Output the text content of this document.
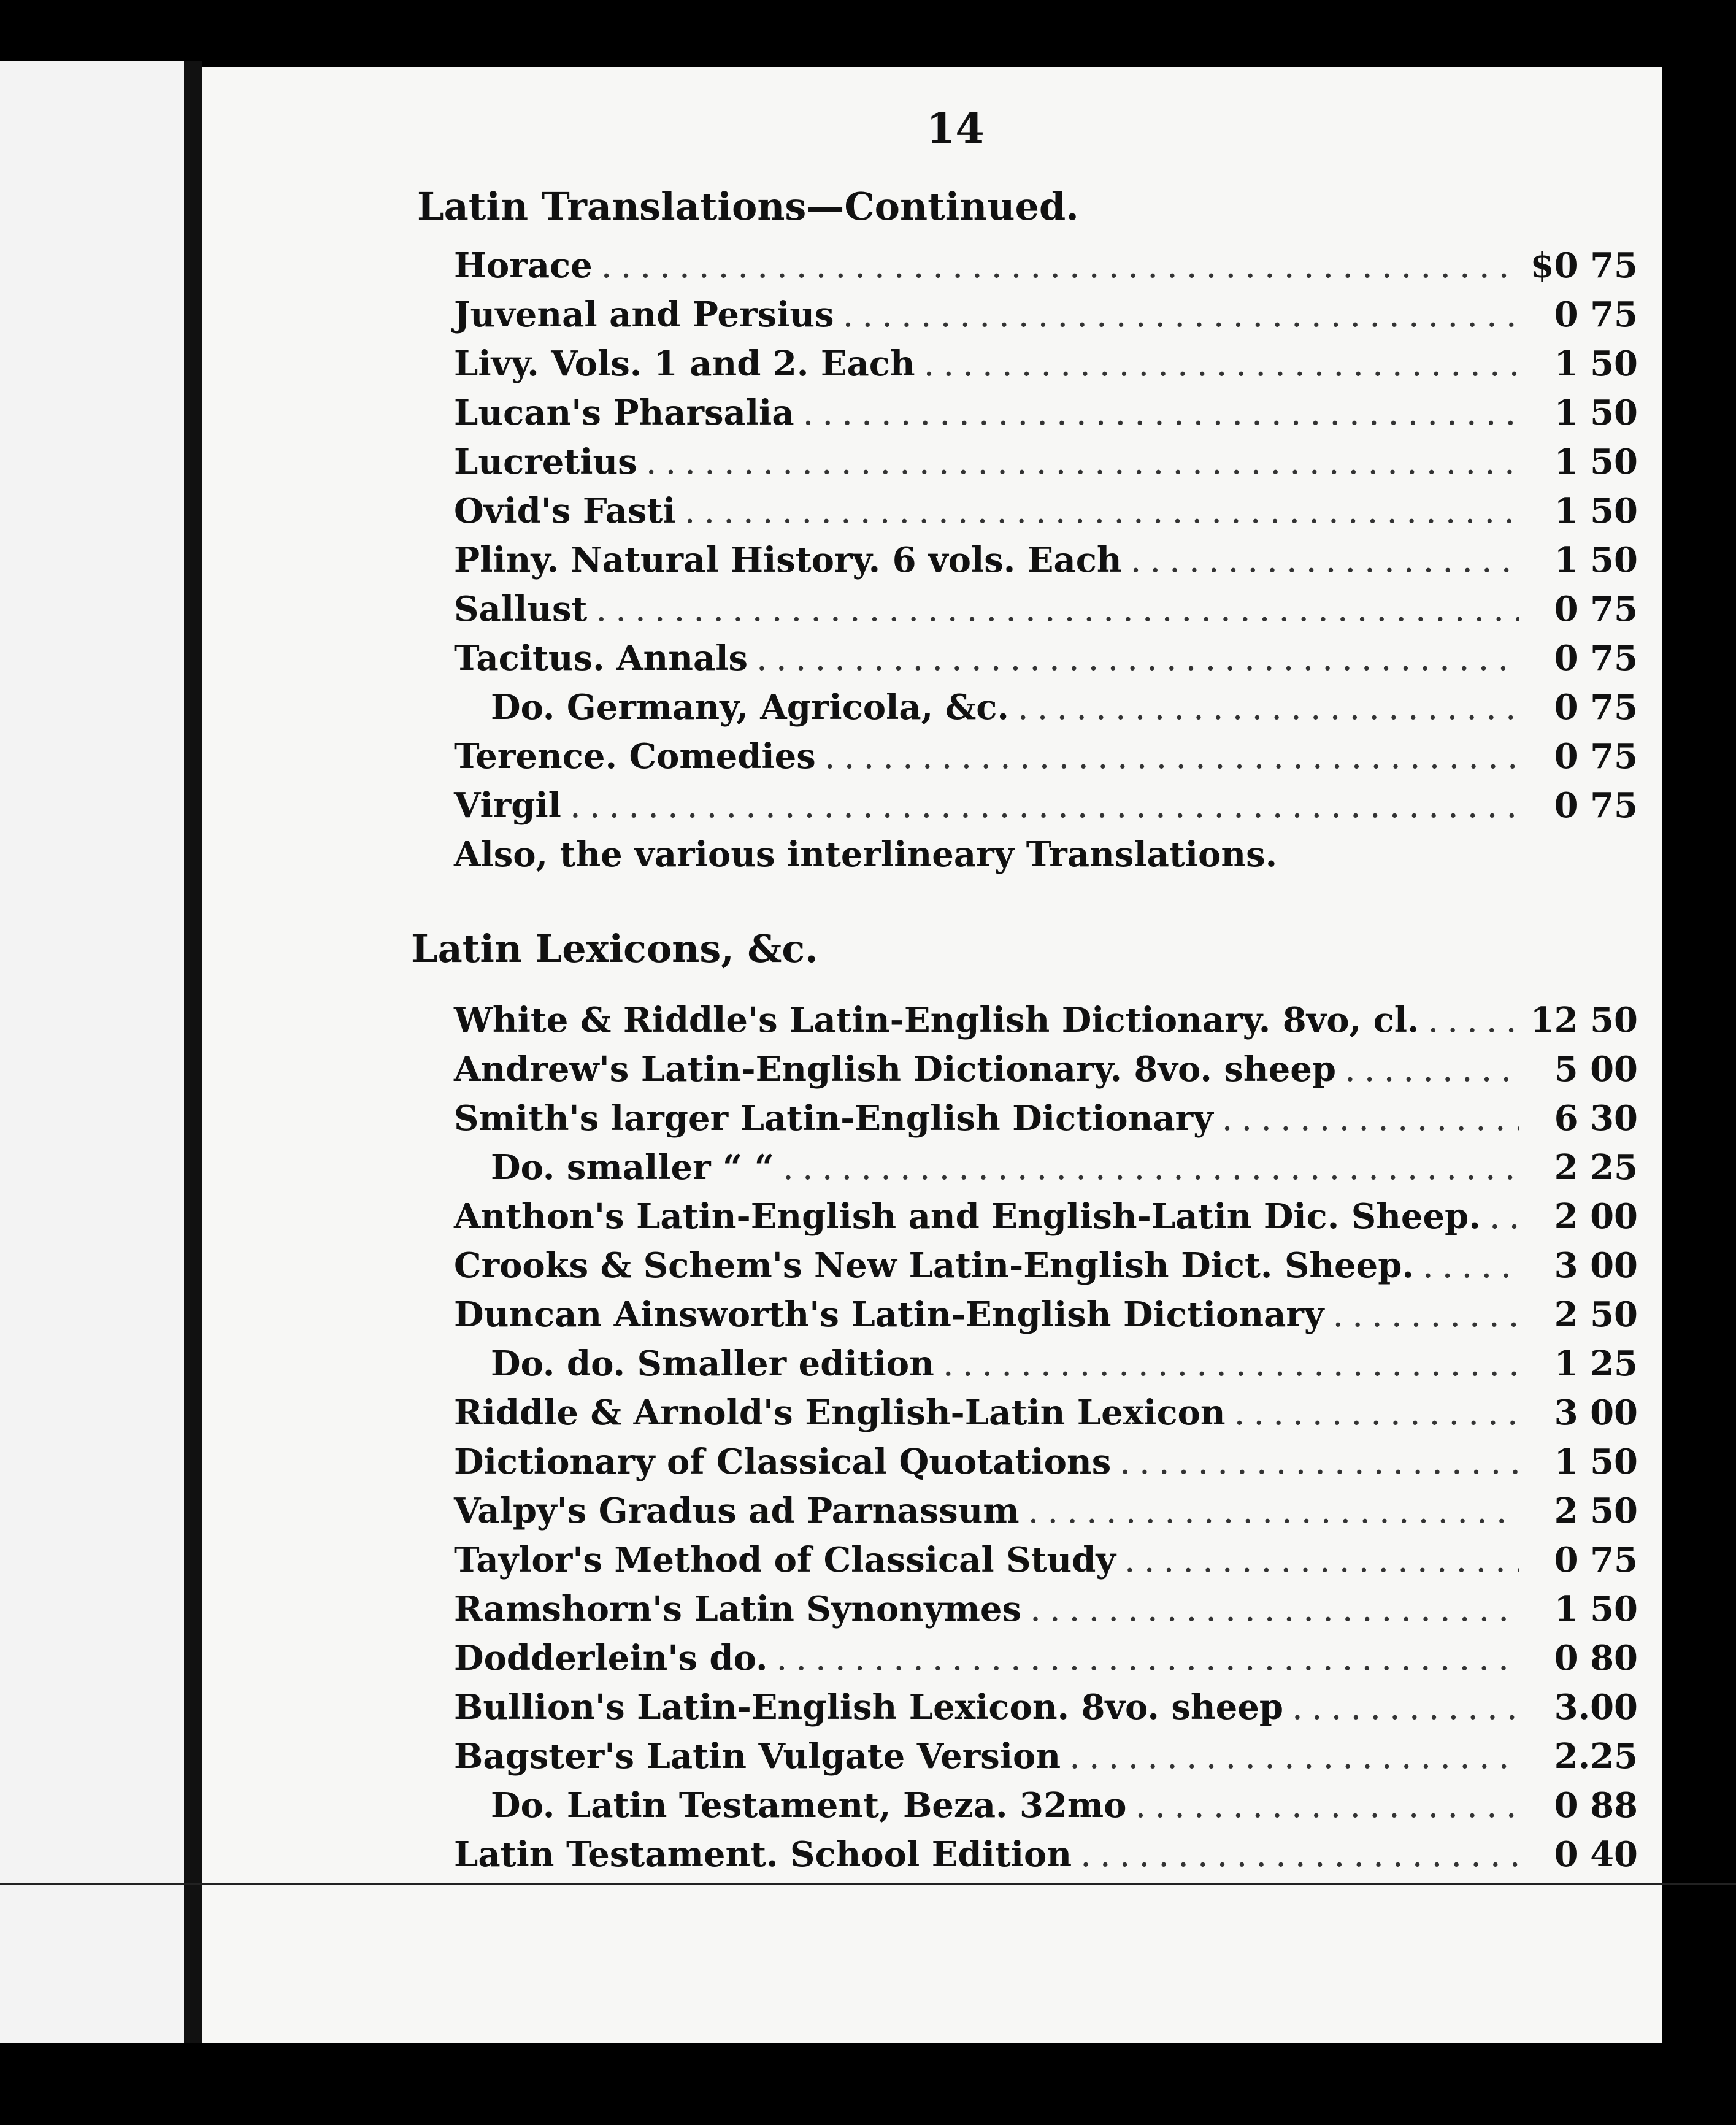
14
Latin Translations—Continued.
Horace .....	$0 75
Juvenal and Persius .....	0 75
Livy. Vols. 1 and 2. Each .....	1 50
Lucan's Pharsalia .....	1 50
Lucretius .....	1 50
Ovid's Fasti .....	1 50
Pliny. Natural History. 6 vols. Each .....	1 50
Sallust .....	0 75
Tacitus. Annals .....	0 75
Do. Germany, Agricola, &c. .....	0 75
Terence. Comedies .....	0 75
Virgil .....	0 75
Also, the various interlineary Translations.
Latin Lexicons, &c.
White & Riddle's Latin-English Dictionary. 8vo, cl. .....	12 50
Andrew's Latin-English Dictionary. 8vo. sheep .....	5 00
Smith's larger Latin-English Dictionary .....	6 30
Do. smaller “ “ .....	2 25
Anthon's Latin-English and English-Latin Dic. Sheep. .....	2 00
Crooks & Schem's New Latin-English Dict. Sheep. .....	3 00
Duncan Ainsworth's Latin-English Dictionary .....	2 50
Do. do. Smaller edition .....	1 25
Riddle & Arnold's English-Latin Lexicon .....	3 00
Dictionary of Classical Quotations .....	1 50
Valpy's Gradus ad Parnassum .....	2 50
Taylor's Method of Classical Study .....	0 75
Ramshorn's Latin Synonymes .....	1 50
Dodderlein's do. .....	0 80
Bullion's Latin-English Lexicon. 8vo. sheep .....	3.00
Bagster's Latin Vulgate Version .....	2.25
Do. Latin Testament, Beza. 32mo .....	0 88
Latin Testament. School Edition .....	0 40
